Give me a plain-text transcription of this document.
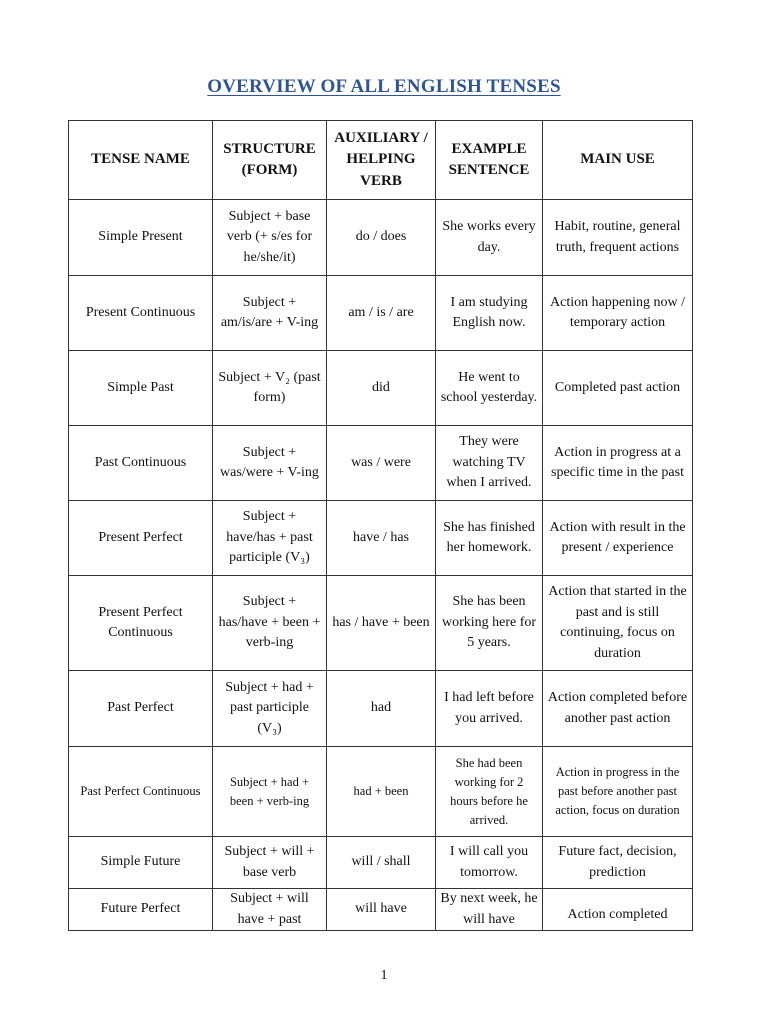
OVERVIEW OF ALL ENGLISH TENSES
TENSE NAME	STRUCTURE (FORM)	AUXILIARY / HELPING VERB	EXAMPLE SENTENCE	MAIN USE
Simple Present	Subject + base verb (+ s/es for he/she/it)	do / does	She works every day.	Habit, routine, general truth, frequent actions
Present Continuous	Subject + am/is/are + V-ing	am / is / are	I am studying English now.	Action happening now / temporary action
Simple Past	Subject + V₂ (past form)	did	He went to school yesterday.	Completed past action
Past Continuous	Subject + was/were + V-ing	was / were	They were watching TV when I arrived.	Action in progress at a specific time in the past
Present Perfect	Subject + have/has + past participle (V₃)	have / has	She has finished her homework.	Action with result in the present / experience
Present Perfect Continuous	Subject + has/have + been + verb-ing	has / have + been	She has been working here for 5 years.	Action that started in the past and is still continuing, focus on duration
Past Perfect	Subject + had + past participle (V₃)	had	I had left before you arrived.	Action completed before another past action
Past Perfect Continuous	Subject + had + been + verb-ing	had + been	She had been working for 2 hours before he arrived.	Action in progress in the past before another past action, focus on duration
Simple Future	Subject + will + base verb	will / shall	I will call you tomorrow.	Future fact, decision, prediction

Future Perfect	Subject + will have + past	will have	By next week, he will have	Action completed
1
